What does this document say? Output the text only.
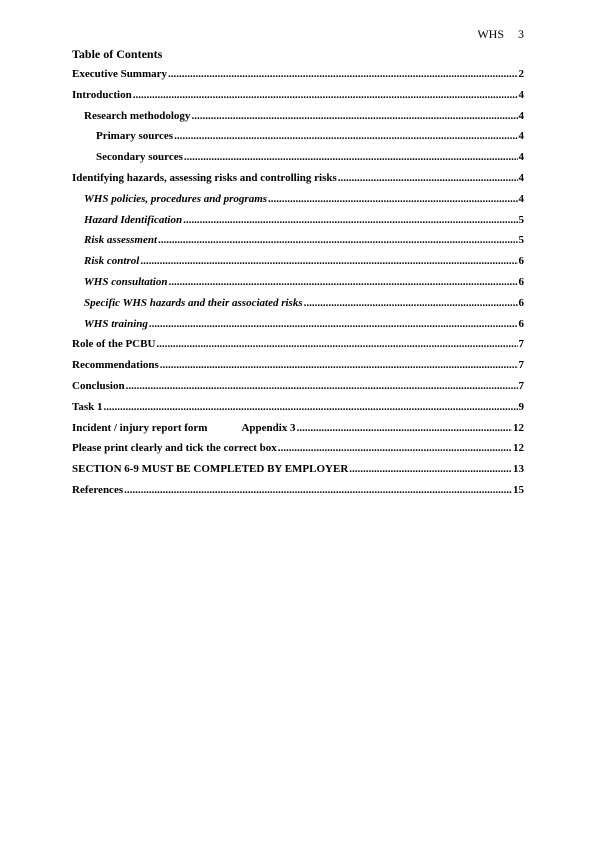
WHS 3
Table of Contents
Executive Summary .....	2
Introduction .....	4
Research methodology .....	4
Primary sources .....	4
Secondary sources .....	4
Identifying hazards, assessing risks and controlling risks .....	4
WHS policies, procedures and programs .....	4
Hazard Identification .....	5
Risk assessment .....	5
Risk control .....	6
WHS consultation .....	6
Specific WHS hazards and their associated risks .....	6
WHS training .....	6
Role of the PCBU .....	7
Recommendations .....	7
Conclusion .....	7
Task 1 .....	9
Incident / injury report form	Appendix 3 .....	12
Please print clearly and tick the correct box .....	12
SECTION 6-9 MUST BE COMPLETED BY EMPLOYER .....	13
References .....	15
